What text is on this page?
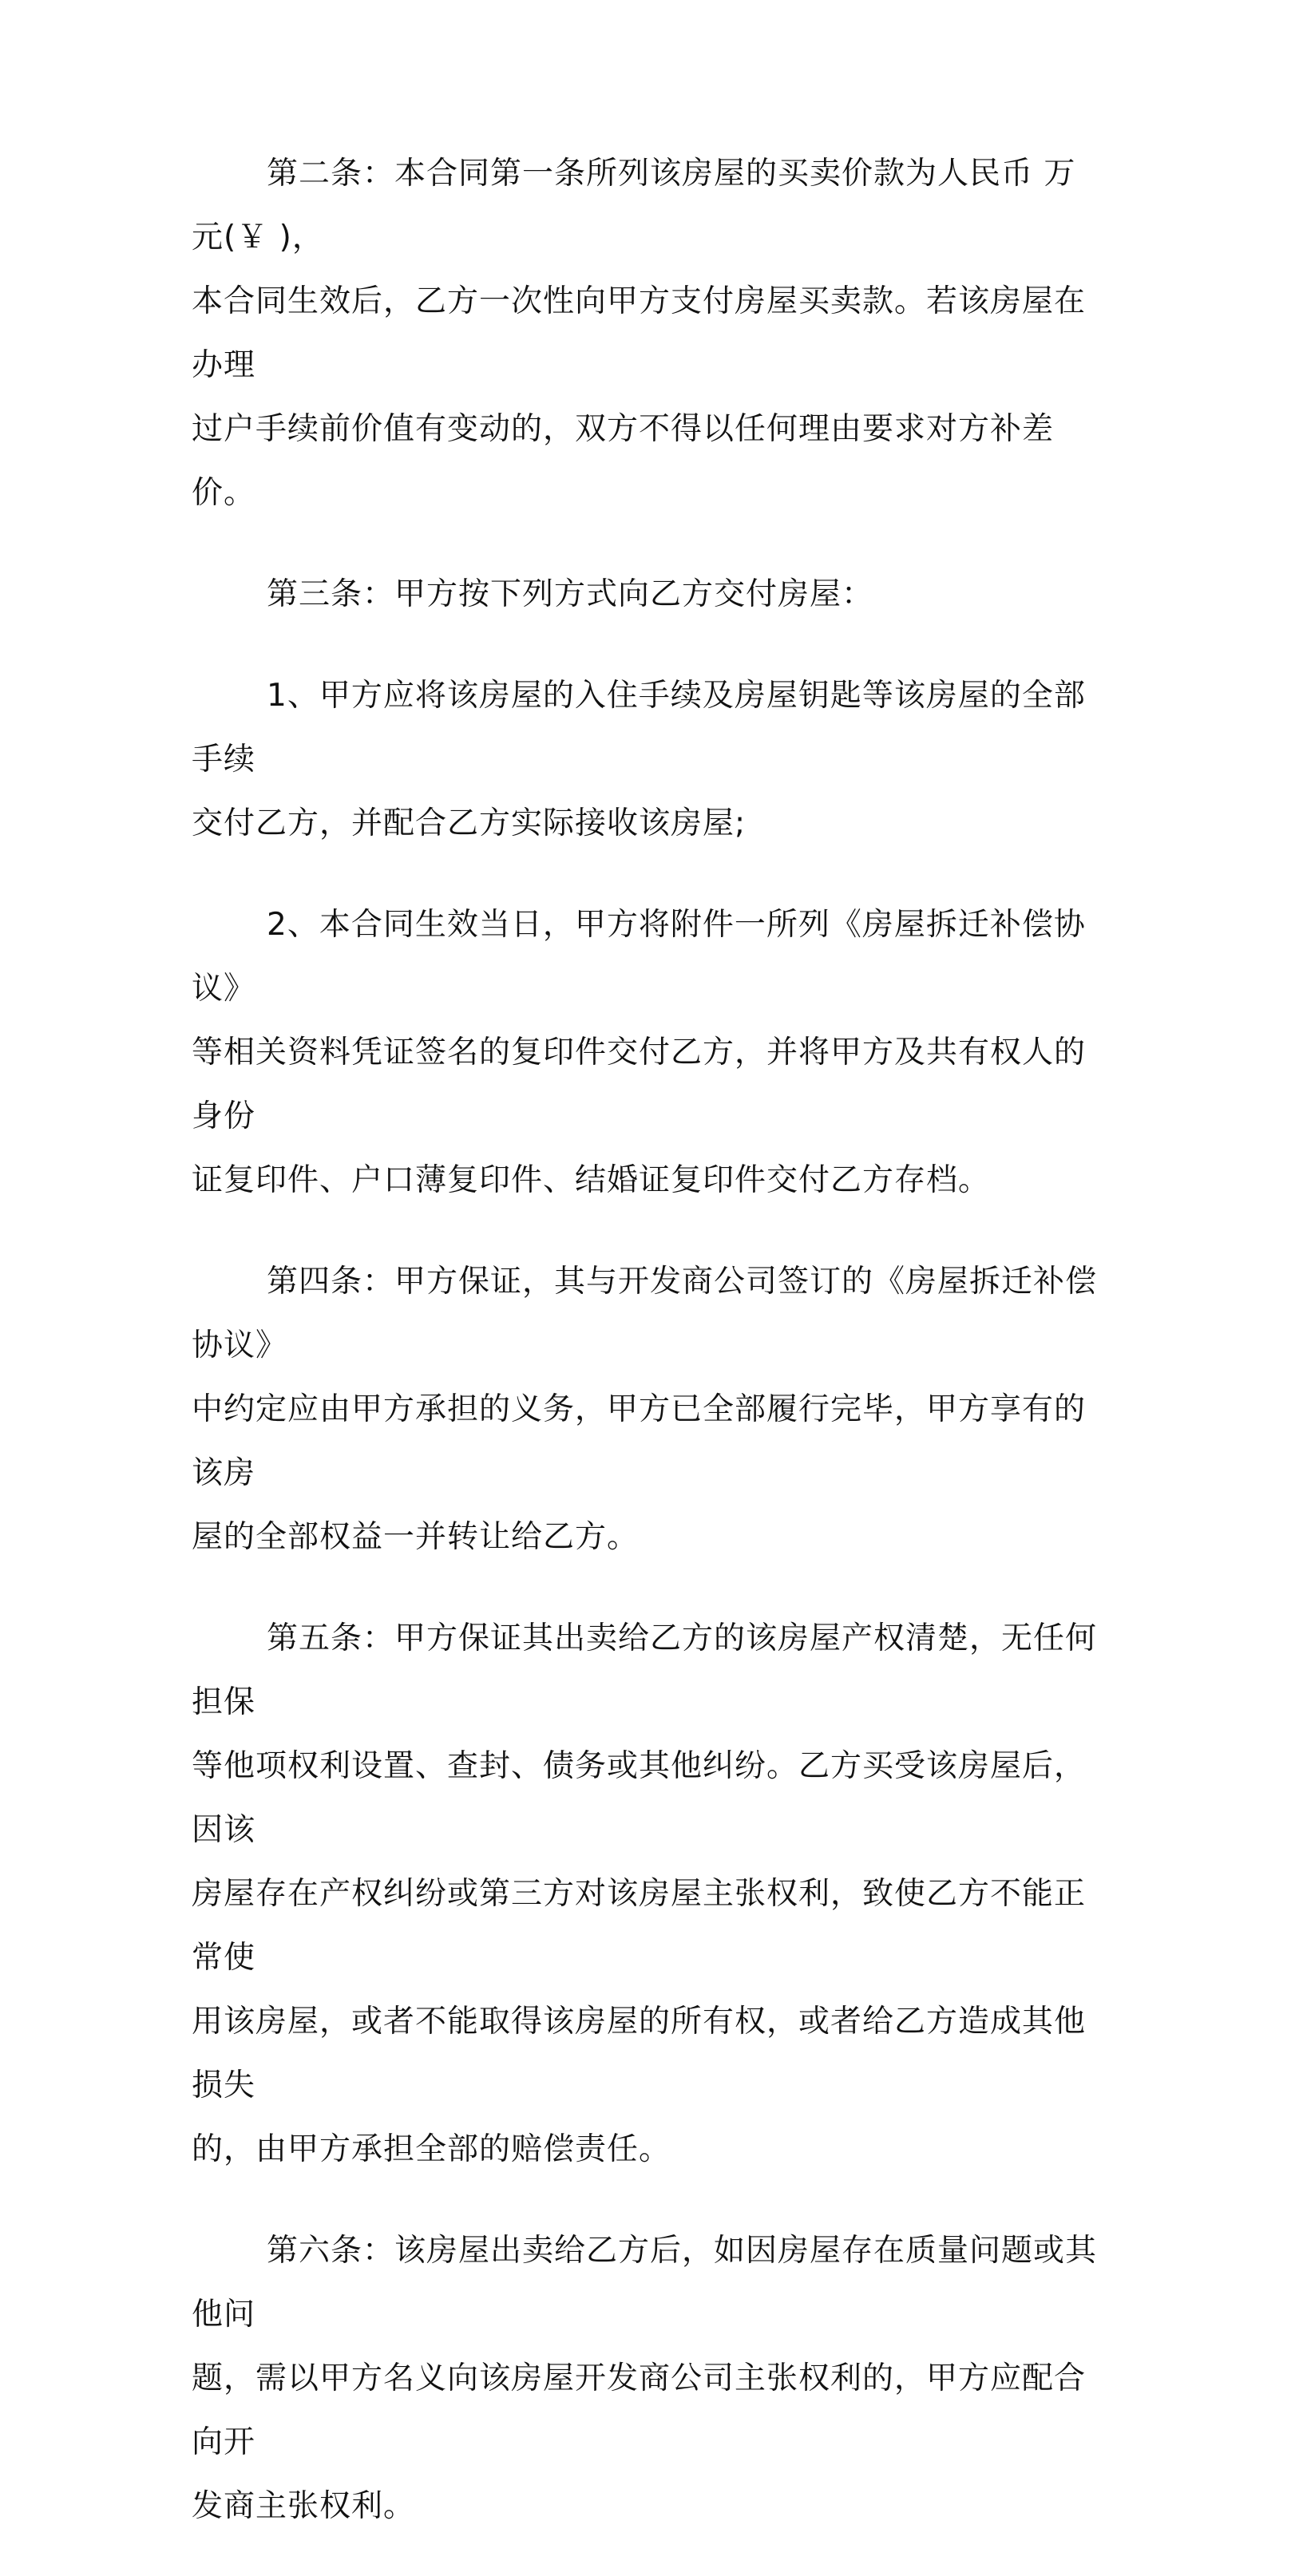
第二条：本合同第一条所列该房屋的买卖价款为人民币 万元(￥ )，
本合同生效后，乙方一次性向甲方支付房屋买卖款。若该房屋在办理
过户手续前价值有变动的，双方不得以任何理由要求对方补差价。

第三条：甲方按下列方式向乙方交付房屋：

1、甲方应将该房屋的入住手续及房屋钥匙等该房屋的全部手续
交付乙方，并配合乙方实际接收该房屋;

2、本合同生效当日，甲方将附件一所列《房屋拆迁补偿协议》
等相关资料凭证签名的复印件交付乙方，并将甲方及共有权人的身份
证复印件、户口薄复印件、结婚证复印件交付乙方存档。

第四条：甲方保证，其与开发商公司签订的《房屋拆迁补偿协议》
中约定应由甲方承担的义务，甲方已全部履行完毕，甲方享有的该房
屋的全部权益一并转让给乙方。

第五条：甲方保证其出卖给乙方的该房屋产权清楚，无任何担保
等他项权利设置、查封、债务或其他纠纷。乙方买受该房屋后，因该
房屋存在产权纠纷或第三方对该房屋主张权利，致使乙方不能正常使
用该房屋，或者不能取得该房屋的所有权，或者给乙方造成其他损失
的，由甲方承担全部的赔偿责任。

第六条：该房屋出卖给乙方后，如因房屋存在质量问题或其他问
题，需以甲方名义向该房屋开发商公司主张权利的，甲方应配合向开
发商主张权利。
